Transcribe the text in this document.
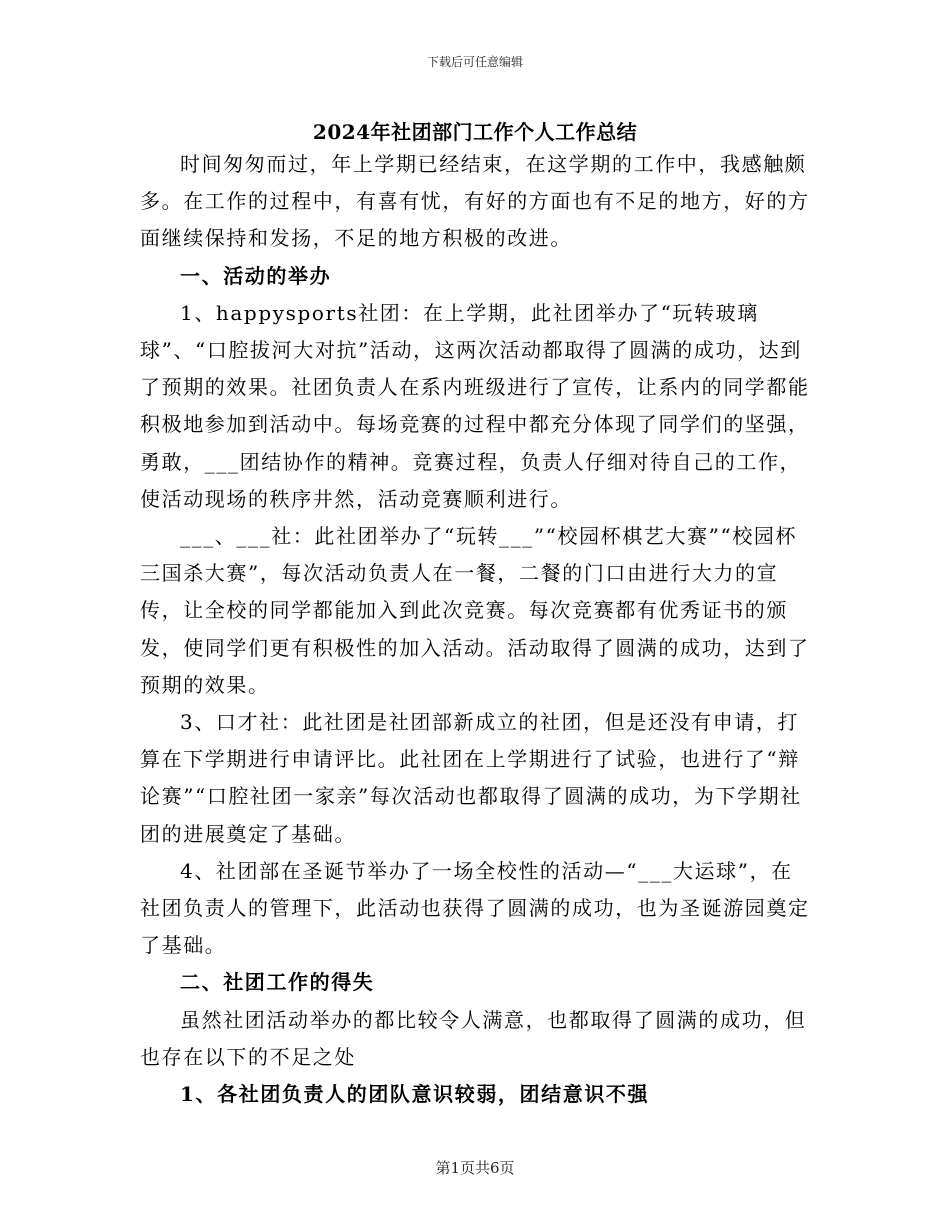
下载后可任意编辑
2024年社团部门工作个人工作总结

时间匆匆而过，年上学期已经结束，在这学期的工作中，我感触颇多。在工作的过程中，有喜有忧，有好的方面也有不足的地方，好的方面继续保持和发扬，不足的地方积极的改进。

一、活动的举办

1、happysports社团：在上学期，此社团举办了“玩转玻璃球”、“口腔拔河大对抗”活动，这两次活动都取得了圆满的成功，达到了预期的效果。社团负责人在系内班级进行了宣传，让系内的同学都能积极地参加到活动中。每场竞赛的过程中都充分体现了同学们的坚强，勇敢，___团结协作的精神。竞赛过程，负责人仔细对待自己的工作，使活动现场的秩序井然，活动竞赛顺利进行。

___、___社：此社团举办了“玩转___”“校园杯棋艺大赛”“校园杯三国杀大赛”，每次活动负责人在一餐，二餐的门口由进行大力的宣传，让全校的同学都能加入到此次竞赛。每次竞赛都有优秀证书的颁发，使同学们更有积极性的加入活动。活动取得了圆满的成功，达到了预期的效果。

3、口才社：此社团是社团部新成立的社团，但是还没有申请，打算在下学期进行申请评比。此社团在上学期进行了试验，也进行了“辩论赛”“口腔社团一家亲”每次活动也都取得了圆满的成功，为下学期社团的进展奠定了基础。

4、社团部在圣诞节举办了一场全校性的活动—“___大运球”，在社团负责人的管理下，此活动也获得了圆满的成功，也为圣诞游园奠定了基础。

二、社团工作的得失

虽然社团活动举办的都比较令人满意，也都取得了圆满的成功，但也存在以下的不足之处

1、各社团负责人的团队意识较弱，团结意识不强

第1页共6页
